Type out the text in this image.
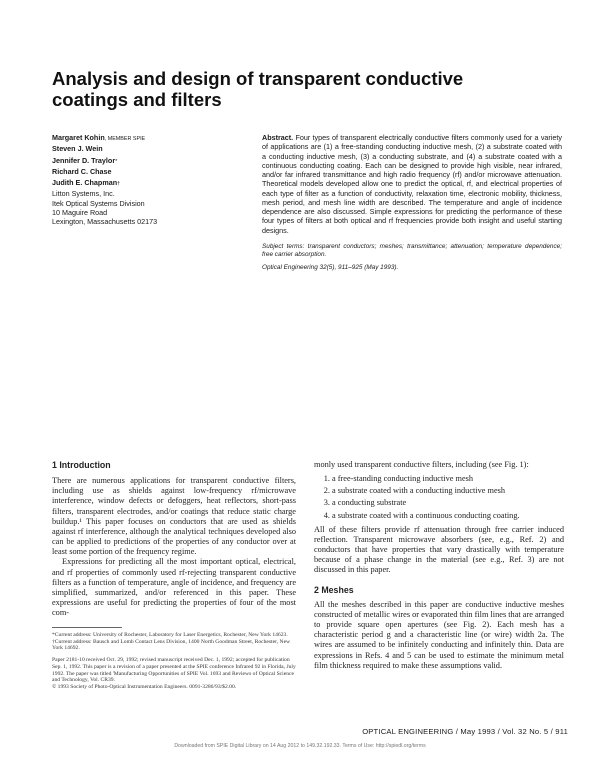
Analysis and design of transparent conductive coatings and filters
Margaret Kohin, MEMBER SPIE
Steven J. Wein
Jennifer D. Traylor*
Richard C. Chase
Judith E. Chapman†
Litton Systems, Inc.
Itek Optical Systems Division
10 Maguire Road
Lexington, Massachusetts 02173

Abstract. Four types of transparent electrically conductive filters commonly used for a variety of applications are (1) a free-standing conducting inductive mesh, (2) a substrate coated with a conducting inductive mesh, (3) a conducting substrate, and (4) a substrate coated with a continuous conducting coating. Each can be designed to provide high visible, near infrared, and/or far infrared transmittance and high radio frequency (rf) and/or microwave attenuation. Theoretical models developed allow one to predict the optical, rf, and electrical properties of each type of filter as a function of conductivity, relaxation time, electronic mobility, thickness, mesh period, and mesh line width are described. The temperature and angle of incidence dependence are also discussed. Simple expressions for predicting the performance of these four types of filters at both optical and rf frequencies provide both insight and useful starting designs.

Subject terms: transparent conductors; meshes; transmittance; attenuation; temperature dependence; free carrier absorption.

Optical Engineering 32(5), 911–925 (May 1993).

1 Introduction

There are numerous applications for transparent conductive filters, including use as shields against low-frequency rf/microwave interference, window defects or defoggers, heat reflectors, short-pass filters, transparent electrodes, and/or coatings that reduce static charge buildup.¹ This paper focuses on conductors that are used as shields against rf interference, although the analytical techniques developed also can be applied to predictions of the properties of any conductor over at least some portion of the frequency regime.

Expressions for predicting all the most important optical, electrical, and rf properties of commonly used rf-rejecting transparent conductive filters as a function of temperature, angle of incidence, and frequency are simplified, summarized, and/or referenced in this paper. These expressions are useful for predicting the properties of four of the most com-

*Current address: University of Rochester, Laboratory for Laser Energetics, Rochester, New York 14623.

†Current address: Bausch and Lomb Contact Lens Division, 1400 North Goodman Street, Rochester, New York 14692.

Paper 2181-10 received Oct. 29, 1992; revised manuscript received Dec. 1, 1992; accepted for publication Sep. 1, 1992. This paper is a revision of a paper presented at the SPIE conference Infrared 92 in Florida, July 1992. The paper was titled 'Manufacturing Opportunities of SPIE Vol. 1693 and Reviews of Optical Science and Technology, Vol. CR39.

© 1993 Society of Photo-Optical Instrumentation Engineers. 0091-3286/93/$2.00.

monly used transparent conductive filters, including (see Fig. 1):

1. a free-standing conducting inductive mesh
2. a substrate coated with a conducting inductive mesh
3. a conducting substrate
4. a substrate coated with a continuous conducting coating.

All of these filters provide rf attenuation through free carrier induced reflection. Transparent microwave absorbers (see, e.g., Ref. 2) and conductors that have properties that vary drastically with temperature because of a phase change in the material (see e.g., Ref. 3) are not discussed in this paper.

2 Meshes

All the meshes described in this paper are conductive inductive meshes constructed of metallic wires or evaporated thin film lines that are arranged to provide square open apertures (see Fig. 2). Each mesh has a characteristic period g and a characteristic line (or wire) width 2a. The wires are assumed to be infinitely conducting and infinitely thin. Data are expressions in Refs. 4 and 5 can be used to estimate the minimum metal film thickness required to make these assumptions valid.

OPTICAL ENGINEERING / May 1993 / Vol. 32 No. 5 / 911
Downloaded from SPIE Digital Library on 14 Aug 2012 to 149.32.192.33. Terms of Use: http://spiedl.org/terms
